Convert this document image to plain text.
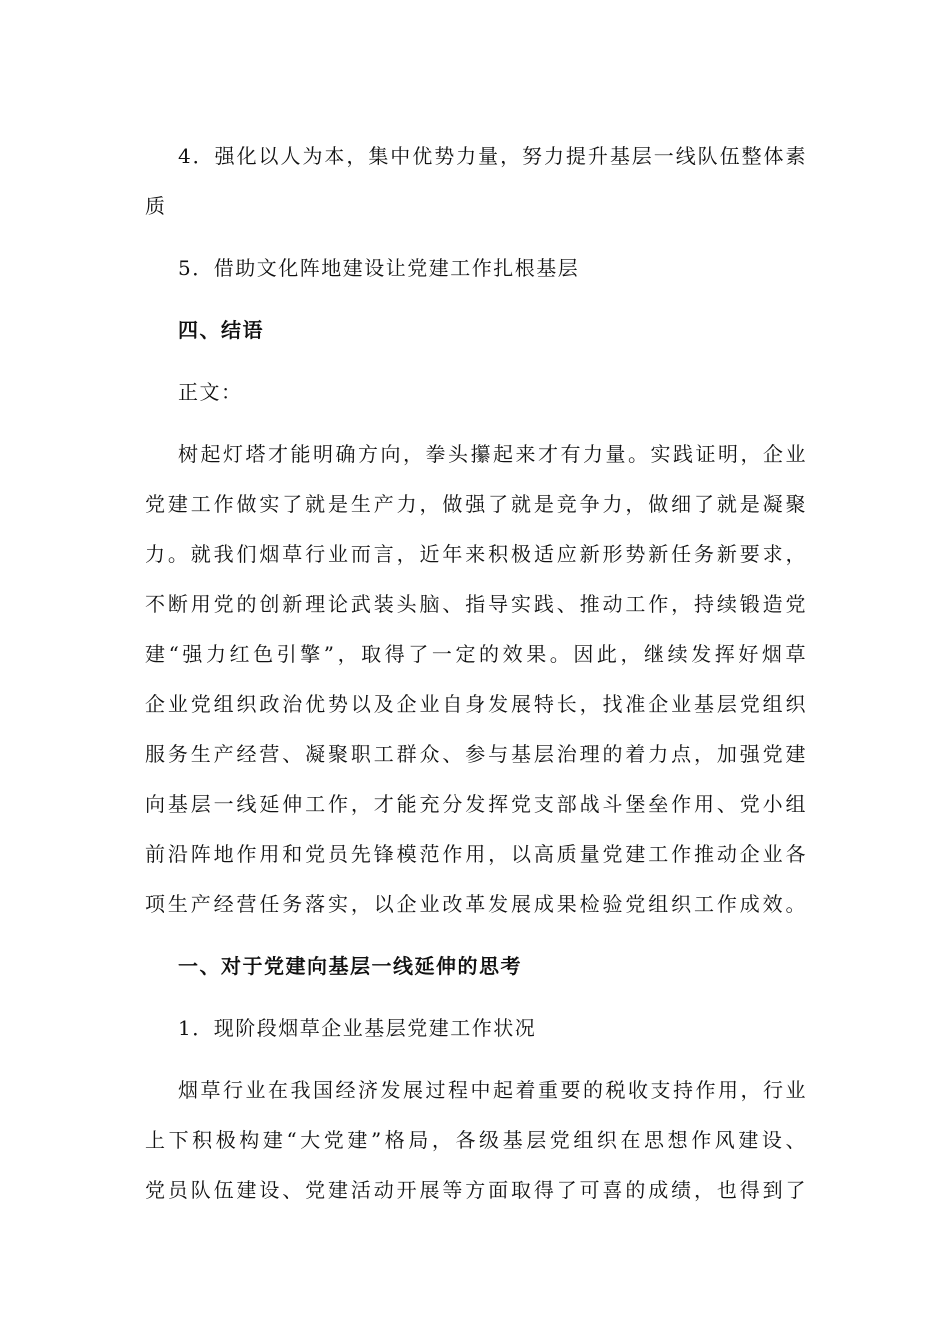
4．强化以人为本，集中优势力量，努力提升基层一线队伍整体素
质
5．借助文化阵地建设让党建工作扎根基层
四、结语
正文：
树起灯塔才能明确方向，拳头攥起来才有力量。实践证明，企业
党建工作做实了就是生产力，做强了就是竞争力，做细了就是凝聚
力。就我们烟草行业而言，近年来积极适应新形势新任务新要求，
不断用党的创新理论武装头脑、指导实践、推动工作，持续锻造党
建“强力红色引擎”，取得了一定的效果。因此，继续发挥好烟草
企业党组织政治优势以及企业自身发展特长，找准企业基层党组织
服务生产经营、凝聚职工群众、参与基层治理的着力点，加强党建
向基层一线延伸工作，才能充分发挥党支部战斗堡垒作用、党小组
前沿阵地作用和党员先锋模范作用，以高质量党建工作推动企业各
项生产经营任务落实，以企业改革发展成果检验党组织工作成效。
一、对于党建向基层一线延伸的思考
1．现阶段烟草企业基层党建工作状况
烟草行业在我国经济发展过程中起着重要的税收支持作用，行业
上下积极构建“大党建”格局，各级基层党组织在思想作风建设、
党员队伍建设、党建活动开展等方面取得了可喜的成绩，也得到了
